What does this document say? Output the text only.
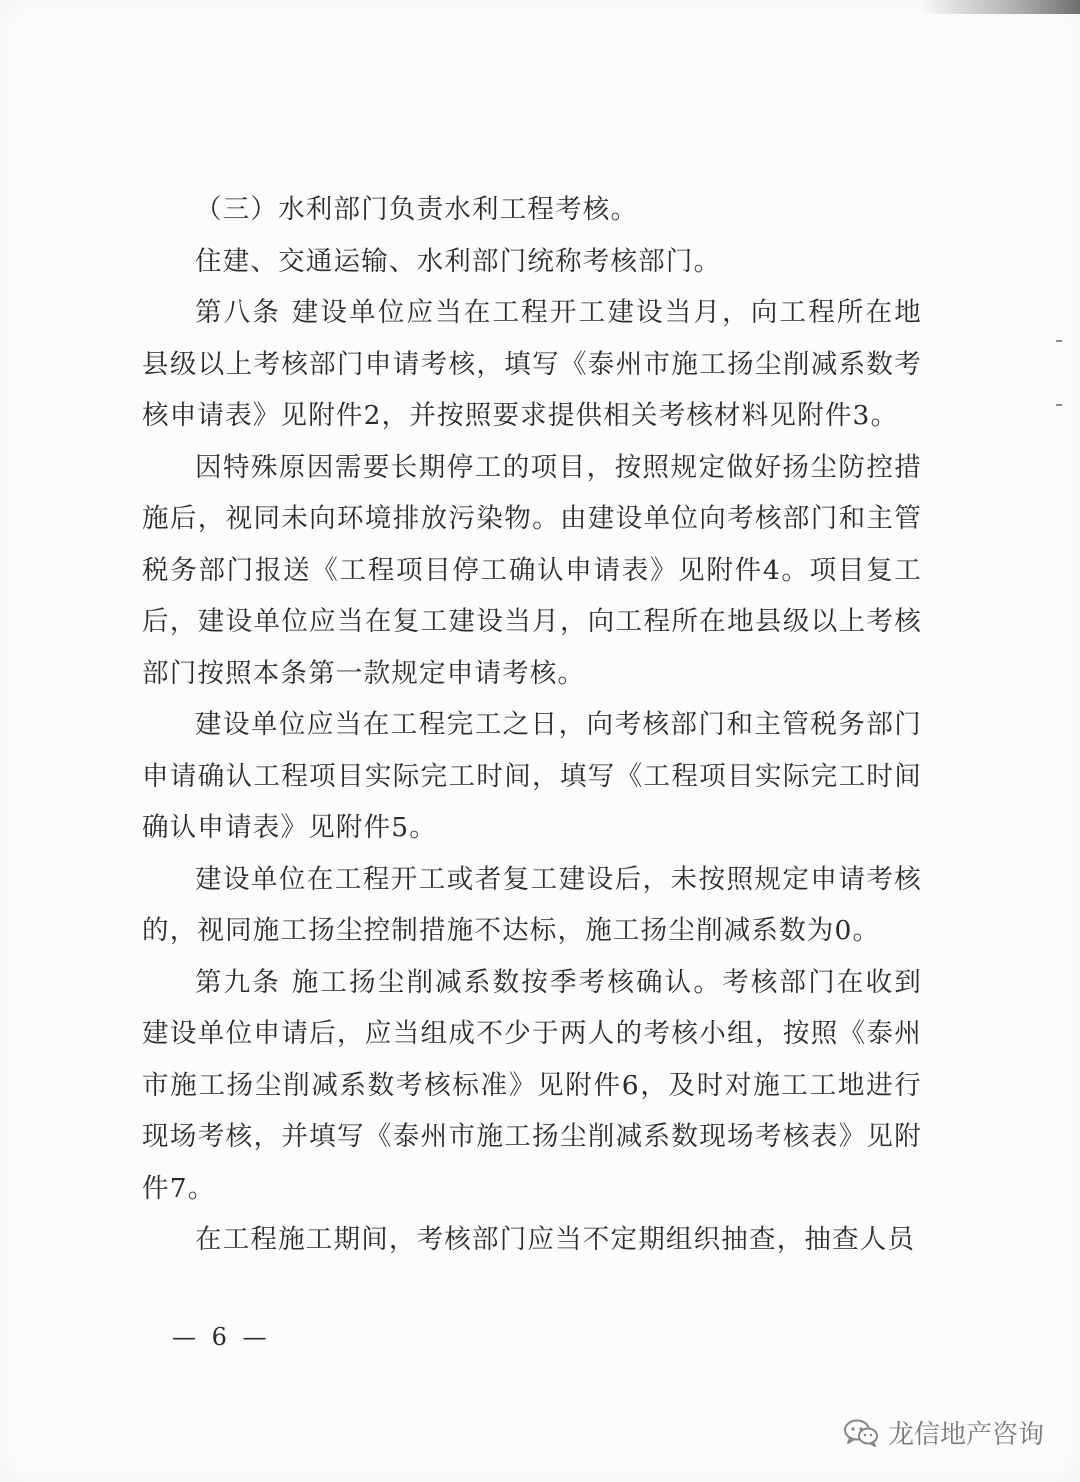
（三）水利部门负责水利工程考核。

住建、交通运输、水利部门统称考核部门。

第八条 建设单位应当在工程开工建设当月，向工程所在地县级以上考核部门申请考核，填写《泰州市施工扬尘削减系数考核申请表》见附件2，并按照要求提供相关考核材料见附件3。

因特殊原因需要长期停工的项目，按照规定做好扬尘防控措施后，视同未向环境排放污染物。由建设单位向考核部门和主管税务部门报送《工程项目停工确认申请表》见附件4。项目复工后，建设单位应当在复工建设当月，向工程所在地县级以上考核部门按照本条第一款规定申请考核。

建设单位应当在工程完工之日，向考核部门和主管税务部门申请确认工程项目实际完工时间，填写《工程项目实际完工时间确认申请表》见附件5。

建设单位在工程开工或者复工建设后，未按照规定申请考核的，视同施工扬尘控制措施不达标，施工扬尘削减系数为0。

第九条 施工扬尘削减系数按季考核确认。考核部门在收到建设单位申请后，应当组成不少于两人的考核小组，按照《泰州市施工扬尘削减系数考核标准》见附件6，及时对施工工地进行现场考核，并填写《泰州市施工扬尘削减系数现场考核表》见附件7。

在工程施工期间，考核部门应当不定期组织抽查，抽查人员

— 6 —
龙信地产咨询
